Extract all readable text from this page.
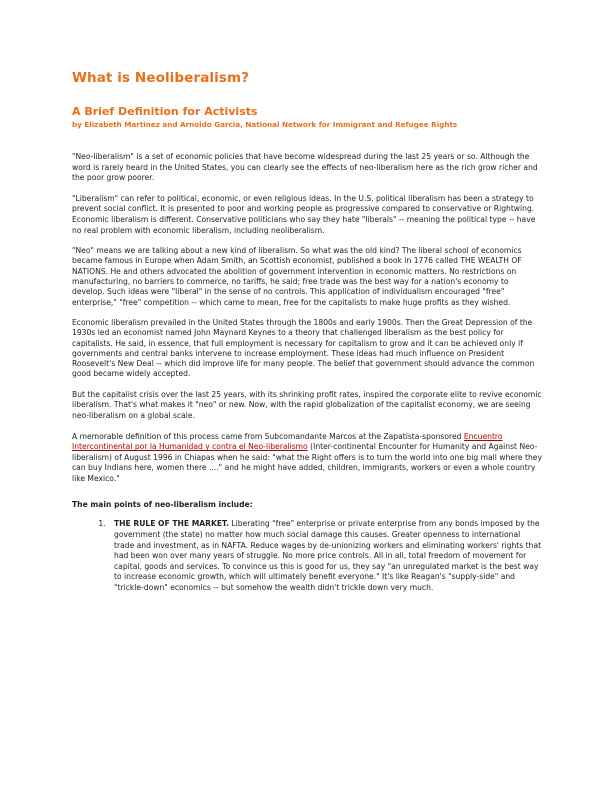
What is Neoliberalism?
A Brief Definition for Activists
by Elizabeth Martinez and Arnoldo Garcia, National Network for Immigrant and Refugee Rights

"Neo-liberalism" is a set of economic policies that have become widespread during the last 25 years or so. Although the word is rarely heard in the United States, you can clearly see the effects of neo-liberalism here as the rich grow richer and the poor grow poorer.

"Liberalism" can refer to political, economic, or even religious ideas. In the U.S. political liberalism has been a strategy to prevent social conflict. It is presented to poor and working people as progressive compared to conservative or Rightwing. Economic liberalism is different. Conservative politicians who say they hate "liberals" -- meaning the political type -- have no real problem with economic liberalism, including neoliberalism.

"Neo" means we are talking about a new kind of liberalism. So what was the old kind? The liberal school of economics became famous in Europe when Adam Smith, an Scottish economist, published a book in 1776 called THE WEALTH OF NATIONS. He and others advocated the abolition of government intervention in economic matters. No restrictions on manufacturing, no barriers to commerce, no tariffs, he said; free trade was the best way for a nation's economy to develop. Such ideas were "liberal" in the sense of no controls. This application of individualism encouraged "free" enterprise," "free" competition -- which came to mean, free for the capitalists to make huge profits as they wished.

Economic liberalism prevailed in the United States through the 1800s and early 1900s. Then the Great Depression of the 1930s led an economist named John Maynard Keynes to a theory that challenged liberalism as the best policy for capitalists. He said, in essence, that full employment is necessary for capitalism to grow and it can be achieved only if governments and central banks intervene to increase employment. These ideas had much influence on President Roosevelt's New Deal -- which did improve life for many people. The belief that government should advance the common good became widely accepted.

But the capitalist crisis over the last 25 years, with its shrinking profit rates, inspired the corporate elite to revive economic liberalism. That's what makes it "neo" or new. Now, with the rapid globalization of the capitalist economy, we are seeing neo-liberalism on a global scale.

A memorable definition of this process came from Subcomandante Marcos at the Zapatista-sponsored Encuentro Intercontinental por la Humanidad y contra el Neo-liberalismo (Inter-continental Encounter for Humanity and Against Neo-liberalism) of August 1996 in Chiapas when he said: "what the Right offers is to turn the world into one big mall where they can buy Indians here, women there ...." and he might have added, children, immigrants, workers or even a whole country like Mexico."

The main points of neo-liberalism include:
1. THE RULE OF THE MARKET. Liberating "free" enterprise or private enterprise from any bonds imposed by the government (the state) no matter how much social damage this causes. Greater openness to international trade and investment, as in NAFTA. Reduce wages by de-unionizing workers and eliminating workers' rights that had been won over many years of struggle. No more price controls. All in all, total freedom of movement for capital, goods and services. To convince us this is good for us, they say "an unregulated market is the best way to increase economic growth, which will ultimately benefit everyone." It's like Reagan's "supply-side" and "trickle-down" economics -- but somehow the wealth didn't trickle down very much.
